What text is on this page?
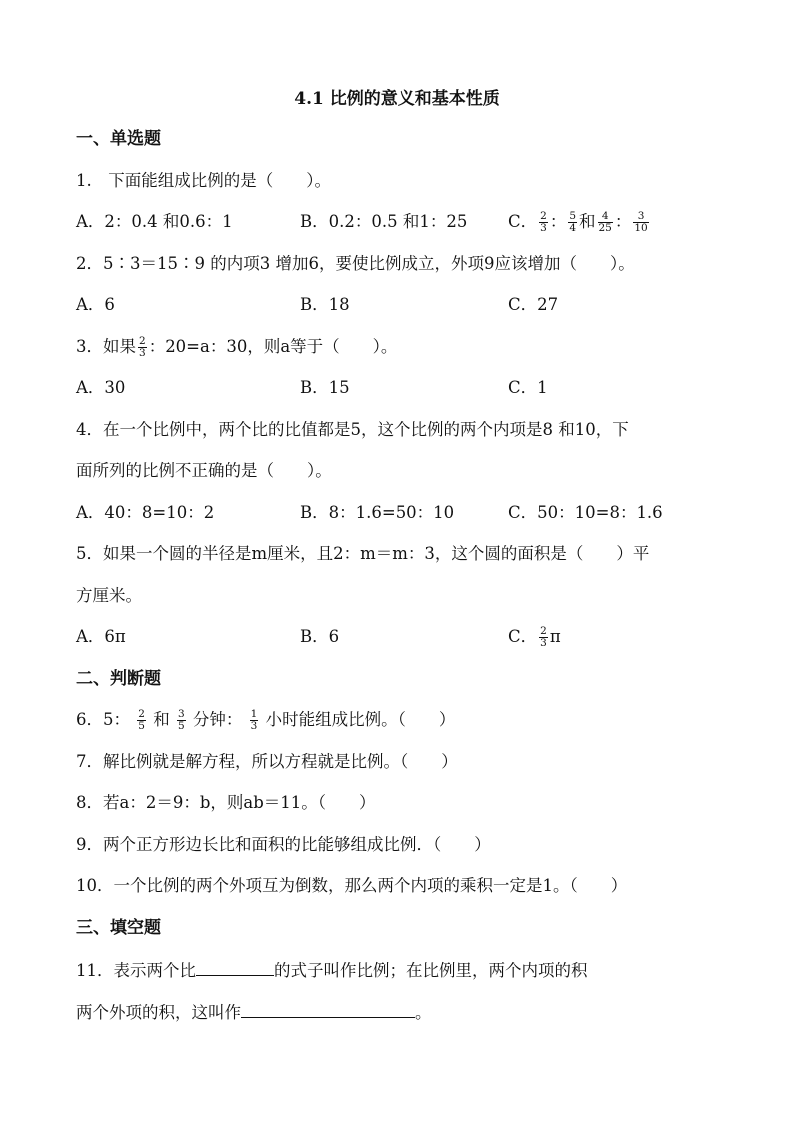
4.1 比例的意义和基本性质
一、单选题
1.　下面能组成比例的是（　　）。
A．2：0.4 和0.6：1	B．0.2：0.5 和1：25 C． $\frac{2}{3}$ ： $\frac{5}{4}$ 和 $\frac{4}{25}$ ： $\frac{3}{10}$
2．5∶3＝15∶9 的内项3 增加6，要使比例成立，外项9应该增加（　　）。
A．6	B．18	C．27
3．如果 $\frac{2}{3}$ ：20=a：30，则a等于（　　）。
A．30	B．15	C．1
4．在一个比例中，两个比的比值都是5，这个比例的两个内项是8 和10，下
面所列的比例不正确的是（　　）。
A．40：8=10：2	B．8：1.6=50：10	C．50：10=8：1.6
5．如果一个圆的半径是m厘米，且2：m＝m：3，这个圆的面积是（　　）平
方厘米。
A．6π	B．6	C． $\frac{2}{3}$ π
二、判断题
6．5： $\frac{2}{5}$ 和 $\frac{3}{5}$ 分钟： $\frac{1}{3}$ 小时能组成比例。（　　）
7．解比例就是解方程，所以方程就是比例。（　　）
8．若a：2＝9：b，则ab＝11。（　　）
9．两个正方形边长比和面积的比能够组成比例．（　　）
10．一个比例的两个外项互为倒数，那么两个内项的乘积一定是1。（　　）
三、填空题
11．表示两个比	的式子叫作比例；在比例里，两个内项的积
两个外项的积，这叫作	。
